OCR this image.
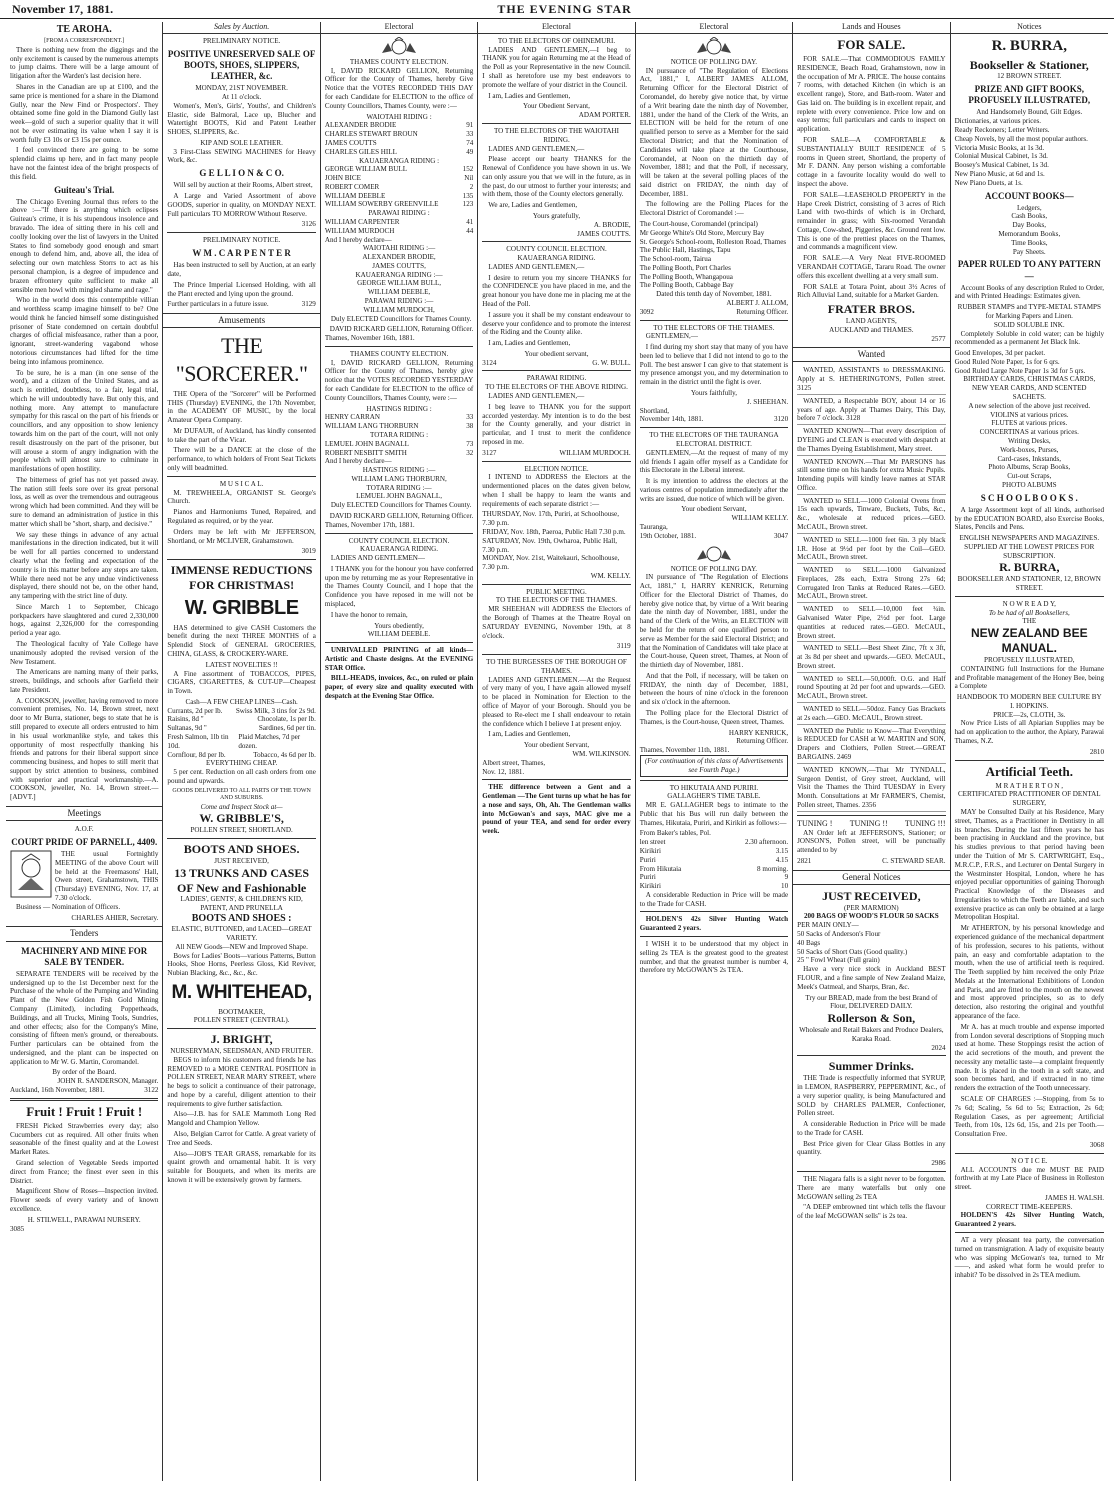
November 17, 1881.	THE EVENING STAR
TE AROHA.
[FROM A CORRESPONDENT.]

There is nothing new from the diggings and the only excitement is caused by the numerous attempts to jump claims. There will be a large amount of litigation after the Warden's last decision here.

Shares in the Canadian are up at £100, and the same price is mentioned for a share in the Diamond Gully, near the New Find or Prospectors'. They obtained some fine gold in the Diamond Gully last week—gold of such a superior quality that it will not be ever estimating its value when I say it is worth fully £3 10s or £3 15s per ounce.

I feel convinced there are going to be some splendid claims up here, and in fact many people have not the faintest idea of the bright prospects of this field.

Guiteau's Trial.

The Chicago Evening Journal thus refers to the above :—"If there is anything which eclipses Guiteau's crime, it is his stupendous insolence and bravado. The idea of sitting there in his cell and coolly looking over the list of lawyers in the United States to find somebody good enough and smart enough to defend him, and, above all, the idea of selecting our own matchless Storrs to act as his personal champion, is a degree of impudence and brazen effrontery quite sufficient to make all sensible men howl with mingled shame and rage."

Who in the world does this contemptible villian and worthless scamp imagine himself to be? One would think he fancied himself some distinguished prisoner of State condemned on certain doubtful charges of official misfeasance, rather than a poor, ignorant, street-wandering vagabond whose notorious circumstances had lifted for the time being into infamous prominence.

To be sure, he is a man (in one sense of the word), and a citizen of the United States, and as such is entitled, doubtless, to a fair, legal trial, which he will undoubtedly have. But only this, and nothing more. Any attempt to manufacture sympathy for this rascal on the part of his friends or councillors, and any opposition to show leniency towards him on the part of the court, will not only result disastrously on the part of the prisoner, but will arouse a storm of angry indignation with the people which will almost sure to culminate in manifestations of open hostility.

The bitterness of grief has not yet passed away. The nation still feels sore over its great personal loss, as well as over the tremendous and outrageous wrong which had been committed. And they will be sure to demand an administration of justice in this matter which shall be "short, sharp, and decisive."

We say these things in advance of any actual manifestations in the direction indicated, but it will be well for all parties concerned to understand clearly what the feeling and expectation of the country is in this matter before any steps are taken. While there need not be any undue vindictiveness displayed, there should not be, on the other hand, any tampering with the strict line of duty.

Since March 1 to September, Chicago porkpackers have slaughtered and cured 2,330,000 hogs, against 2,326,000 for the corresponding period a year ago.

The Theological faculty of Yale College have unanimously adopted the revised version of the New Testament.

The Americans are naming many of their parks, streets, buildings, and schools after Garfield their late President.

A. COOKSON, jeweller, having removed to more convenient premises, No. 14, Brown street, next door to Mr Burra, stationer, begs to state that he is still prepared to execute all orders entrusted to him in his usual workmanlike style, and takes this opportunity of most respectfully thanking his friends and patrons for their liberal support since commencing business, and hopes to still merit that support by strict attention to business, combined with superior and practical workmanship.—A. COOKSON, jeweller, No. 14, Brown street.—[ADVT.]

Meetings
A.O.F.
COURT PRIDE OF PARNELL, 4409.

THE usual Fortnightly MEETING of the above Court will be held at the Freemasons' Hall, Owen street, Grahamstown, THIS (Thursday) EVENING, Nov. 17, at 7.30 o'clock.

Business — Nomination of Officers.

CHARLES AHIER, Secretary.
Tenders
MACHINERY AND MINE FOR SALE BY TENDER.

SEPARATE TENDERS will be received by the undersigned up to the 1st December next for the Purchase of the whole of the Pumping and Winding Plant of the New Golden Fish Gold Mining Company (Limited), including Poppetheads, Buildings, and all Trucks, Mining Tools, Sundries, and other effects; also for the Company's Mine, consisting of fifteen men's ground, or thereabouts. Further particulars can be obtained from the undersigned, and the plant can be inspected on application to Mr W. G. Martin, Coromandel.

By order of the Board.
JOHN R. SANDERSON, Manager.
Auckland, 16th November, 1881.	3122
Fruit ! Fruit ! Fruit !

FRESH Picked Strawberries every day; also Cucumbers cut as required. All other fruits when seasonable of the finest quality and at the Lowest Market Rates.

Grand selection of Vegetable Seeds imported direct from France; the finest ever seen in this District.

Magnificent Show of Roses—Inspection invited. Flower seeds of every variety and of known excellence.

H. STILWELL, PARAWAI NURSERY.
3085
Sales by Auction.
PRELIMINARY NOTICE.
POSITIVE UNRESERVED SALE OF BOOTS, SHOES, SLIPPERS, LEATHER, &c.
MONDAY, 21ST NOVEMBER.
At 11 o'clock.

Women's, Men's, Girls', Youths', and Children's Elastic, side Balmoral, Lace up, Blucher and Watertight BOOTS, Kid and Patent Leather SHOES, SLIPPERS, &c.

KIP AND SOLE LEATHER.

3 First-Class SEWING MACHINES for Heavy Work, &c.

G E L L I O N & C O.

Will sell by auction at their Rooms, Albert street,

A Large and Varied Assortment of above GOODS, superior in quality, on MONDAY NEXT. Full particulars TO MORROW Without Reserve.

3126
PRELIMINARY NOTICE.
W M . C A R P E N T E R

Has been instructed to sell by Auction, at an early date,

The Prince Imperial Licensed Holding, with all the Plant erected and lying upon the ground.

Further particulars in a future issue.	3129
Amusements
THE "SORCERER."

THE Opera of the "Sorcerer" will be Performed THIS (Thursday) EVENING, the 17th November, in the ACADEMY OF MUSIC, by the local Amateur Opera Company.

Mr DUFAUR, of Auckland, has kindly consented to take the part of the Vicar.

There will be a DANCE at the close of the performance, to which holders of Front Seat Tickets only will beadmitted.

M U S I C A L.

M. TREWHEELA, ORGANIST St. George's Church.

Pianos and Harmoniums Tuned, Repaired, and Regulated as required, or by the year.

Orders may be left with Mr JEFFERSON, Shortland, or Mr MCLIVER, Grahamstown.

3019
IMMENSE REDUCTIONS FOR CHRISTMAS!
W. GRIBBLE

HAS determined to give CASH Customers the benefit during the next THREE MONTHS of a Splendid Stock of GENERAL GROCERIES, CHINA, GLASS, & CROCKERY-WARE.

LATEST NOVELTIES !!

A Fine assortment of TOBACCOS, PIPES, CIGARS, CIGARETTES, & CUT-UP—Cheapest in Town.

Cash—A FEW CHEAP LINES—Cash.
Currants, 2d per lb. Swiss Milk, 3 tins for 2s 9d.
Raisins, 8d "	Chocolate, 1s per lb.
Sultanas, 9d "	Sardines, 6d per tin.
Fresh Salmon, 1lb tin 10d.
Plaid Matches, 7d per dozen.
Cornflour, 8d per lb.	Tobacco, 4s 6d per lb.
EVERYTHING CHEAP.

5 per cent. Reduction on all cash orders from one pound and upwards.

GOODS DELIVERED TO ALL PARTS OF THE TOWN AND SUBURBS.
Come and Inspect Stock at—
W. GRIBBLE'S,
POLLEN STREET, SHORTLAND.
BOOTS AND SHOES.
JUST RECEIVED,
13 TRUNKS AND CASES OF New and Fashionable
LADIES', GENTS', & CHILDREN'S KID, PATENT, AND PRUNELLA
BOOTS AND SHOES :
ELASTIC, BUTTONED, and LACED—GREAT VARIETY.
All NEW Goods—NEW and Improved Shape.

Bows for Ladies' Boots—various Patterns, Button Hooks, Shoe Horns, Peerless Gloss, Kid Reviver, Nubian Blacking, &c., &c., &c.

M. WHITEHEAD,
BOOTMAKER,
POLLEN STREET (CENTRAL).
J. BRIGHT,
NURSERYMAN, SEEDSMAN, AND FRUITER.

BEGS to inform his customers and friends he has REMOVED to a MORE CENTRAL POSITION in POLLEN STREET, NEAR MARY STREET, where he begs to solicit a continuance of their patronage, and hope by a careful, diligent attention to their requirements to give further satisfaction.

Also—J.B. has for SALE Mammoth Long Red Mangold and Champion Yellow.

Also, Belgian Carrot for Cattle. A great variety of Tree and Seeds.

Also—JOB'S TEAR GRASS, remarkable for its quaint growth and ornamental habit. It is very suitable for Bouquets, and when its merits are known it will be extensively grown by farmers.

Electoral
THAMES COUNTY ELECTION.

I, DAVID RICKARD GELLION, Returning Officer for the County of Thames, hereby Give Notice that the VOTES RECORDED THIS DAY for each Candidate for ELECTION to the office of County Councillors, Thames County, were :—

WAIOTAHI RIDING :
ALEXANDER BRODIE	91
CHARLES STEWART BROUN	33
JAMES COUTTS	74
CHARLES GILES HILL	49
KAUAERANGA RIDING :
GEORGE WILLIAM BULL	152
JOHN BICE	Nil
ROBERT COMER	2
WILLIAM DEEBLE	135
WILLIAM SOWERBY GREENVILLE	123
PARAWAI RIDING :
WILLIAM CARPENTER	41
WILLIAM MURDOCH	44
And I hereby declare—
WAIOTAHI RIDING :—
ALEXANDER BRODIE,
JAMES COUTTS,
KAUAERANGA RIDING :—
GEORGE WILLIAM BULL,
WILLIAM DEEBLE,
PARAWAI RIDING :—
WILLIAM MURDOCH,

Duly ELECTED Councillors for Thames County.

DAVID RICKARD GELLION, Returning Officer.
Thames, November 16th, 1881.
THAMES COUNTY ELECTION.

I, DAVID RICKARD GELLION, Returning Officer for the County of Thames, hereby give notice that the VOTES RECORDED YESTERDAY for each Candidate for ELECTION to the office of County Councillors, Thames County, were :—

HASTINGS RIDING :
HENRY CARRAN	33
WILLIAM LANG THORBURN	38
TOTARA RIDING :
LEMUEL JOHN BAGNALL	73
ROBERT NESBITT SMITH	32
And I hereby declare—
HASTINGS RIDING :—
WILLIAM LANG THORBURN,
TOTARA RIDING :—
LEMUEL JOHN BAGNALL,

Duly ELECTED Councillors for Thames County.

DAVID RICKARD GELLION, Returning Officer.
Thames, November 17th, 1881.
COUNTY COUNCIL ELECTION.
KAUAERANGA RIDING.

LADIES AND GENTLEMEN—

I THANK you for the honour you have conferred upon me by returning me as your Representative in the Thames County Council, and I hope that the Confidence you have reposed in me will not be misplaced,

I have the honor to remain,

Yours obediently,
WILLIAM DEEBLE.

UNRIVALLED PRINTING of all kinds—Artistic and Chaste designs. At the EVENING STAR Office.

BILL-HEADS, invoices, &c., on ruled or plain paper, of every size and quality executed with despatch at the Evening Star Office.

Electoral
TO THE ELECTORS OF OHINEMURI.

LADIES AND GENTLEMEN,—I beg to THANK you for again Returning me at the Head of the Poll as your Representative in the new Council. I shall as heretofore use my best endeavors to promote the welfare of your district in the Council.

I am, Ladies and Gentlemen,

Your Obedient Servant,
ADAM PORTER.
TO THE ELECTORS OF THE WAIOTAHI RIDING.

LADIES AND GENTLEMEN,—

Please accept our hearty THANKS for the Renewal of Confidence you have shown in us. We can only assure you that we will in the future, as in the past, do our utmost to further your interests; and with them, those of the County electors generally.

We are, Ladies and Gentlemen,

Yours gratefully,
A. BRODIE,
JAMES COUTTS.
COUNTY COUNCIL ELECTION.
KAUAERANGA RIDING.

LADIES AND GENTLEMEN,—

I desire to return you my sincere THANKS for the CONFIDENCE you have placed in me, and the great honour you have done me in placing me at the Head of the Poll.

I assure you it shall be my constant endeavour to deserve your confidence and to promote the interest of the Riding and the County alike.

I am, Ladies and Gentlemen,

Your obedient servant,
3124	G. W. BULL.
PARAWAI RIDING.
TO THE ELECTORS OF THE ABOVE RIDING.

LADIES AND GENTLEMEN,—

I beg leave to THANK you for the support accorded yesterday. My intention is to do the best for the County generally, and your district in particular, and I trust to merit the confidence reposed in me.

3127	WILLIAM MURDOCH.
ELECTION NOTICE.

I INTEND to ADDRESS the Electors at the undermentioned places on the dates given below, when I shall be happy to learn the wants and requirements of each separate district :—

THURSDAY, Nov. 17th, Puriri, at Schoolhouse, 7.30 p.m.
FRIDAY, Nov. 18th, Paeroa, Public Hall 7.30 p.m.
SATURDAY, Nov. 19th, Owharoa, Public Hall, 7.30 p.m.
MONDAY, Nov. 21st, Waitekauri, Schoolhouse, 7.30 p.m.
WM. KELLY.
PUBLIC MEETING.
TO THE ELECTORS OF THE THAMES.

MR SHEEHAN will ADDRESS the Electors of the Borough of Thames at the Theatre Royal on SATURDAY EVENING, November 19th, at 8 o'clock.

3119
TO THE BURGESSES OF THE BOROUGH OF THAMES.

LADIES AND GENTLEMEN.—At the Request of very many of you, I have again allowed myself to be placed in Nomination for Election to the office of Mayor of your Borough. Should you be pleased to Re-elect me I shall endeavour to retain the confidence which I believe I at present enjoy.

I am, Ladies and Gentlemen,

Your obedient Servant,
WM. WILKINSON.
Albert street, Thames,
Nov. 12, 1881.

THE difference between a Gent and a Gentleman —The Gent turns up what he has for a nose and says, Oh, Ah. The Gentleman walks into McGowan's and says, MAC give me a pound of your TEA, and send for order every week.

Electoral
NOTICE OF POLLING DAY.

IN pursuance of "The Regulation of Elections Act, 1881," I, ALBERT JAMES ALLOM, Returning Officer for the Electoral District of Coromandel, do hereby give notice that, by virtue of a Writ bearing date the ninth day of November, 1881, under the hand of the Clerk of the Writs, an ELECTION will be held for the return of one qualified person to serve as a Member for the said Electoral District; and that the Nomination of Candidates will take place at the Courthouse, Coromandel, at Noon on the thirtieth day of November, 1881; and that the Poll, if necessary, will be taken at the several polling places of the said district on FRIDAY, the ninth day of December, 1881.

The following are the Polling Places for the Electoral District of Coromandel :—

The Court-house, Coromandel (principal)
Mr George White's Old Store, Mercury Bay
St. George's School-room, Rolleston Road, Thames
The Public Hall, Hastings, Tapu
The School-room, Tairua
The Polling Booth, Port Charles
The Polling Booth, Whangapoua
The Polling Booth, Cabbage Bay
Dated this tenth day of November, 1881.
ALBERT J. ALLOM,
3092	Returning Officer.
TO THE ELECTORS OF THE THAMES.

GENTLEMEN,—

I find during my short stay that many of you have been led to believe that I did not intend to go to the Poll. The best answer I can give to that statement is my presence amongst you, and my determination to remain in the district until the fight is over.

Yours faithfully,
J. SHEEHAN.
Shortland,
November 14th, 1881.	3120
TO THE ELECTORS OF THE TAURANGA ELECTORAL DISTRICT.

GENTLEMEN,—At the request of many of my old friends I again offer myself as a Candidate for this Electorate in the Liberal interest.

It is my intention to address the electors at the various centres of population immediately after the writs are issued, due notice of which will be given.

Your obedient Servant,
WILLIAM KELLY.
Tauranga,
19th October, 1881.	3047
NOTICE OF POLLING DAY.

IN pursuance of "The Regulation of Elections Act, 1881," I, HARRY KENRICK, Returning Officer for the Electoral District of Thames, do hereby give notice that, by virtue of a Writ bearing date the ninth day of November, 1881, under the hand of the Clerk of the Writs, an ELECTION will be held for the return of one qualified person to serve as Member for the said Electoral District; and that the Nomination of Candidates will take place at the Court-house, Queen street, Thames, at Noon of the thirtieth day of November, 1881.

And that the Poll, if necessary, will be taken on FRIDAY, the ninth day of December, 1881, between the hours of nine o'clock in the forenoon and six o'clock in the afternoon.

The Polling place for the Electoral District of Thames, is the Court-house, Queen street, Thames.

HARRY KENRICK,
Returning Officer.
Thames, November 11th, 1881.
(For continuation of this class of Advertisements see Fourth Page.)
TO HIKUTAIA AND PURIRI.
GALLAGHER'S TIME TABLE.

MR E. GALLAGHER begs to intimate to the Public that his Bus will run daily between the Thames, Hikutaia, Puriri, and Kirikiri as follows:—

From Baker's tables, Pol.
len street	2.30 afternoon.
Kirikiri	3.15
Puriri	4.15
From Hikutaia	8 morning.
Puriri	9
Kirikiri	10

A considerable Reduction in Price will be made to the Trade for CASH.

HOLDEN'S 42s Silver Hunting Watch Guaranteed 2 years.

I WISH it to be understood that my object in selling 2s TEA is the greatest good to the greatest number, and that the greatest number is number 4, therefore try McGOWAN'S 2s TEA.

Lands and Houses
FOR SALE.

FOR SALE.—That COMMODIOUS FAMILY RESIDENCE, Beach Road, Grahamstown, now in the occupation of Mr A. PRICE. The house contains 7 rooms, with detached Kitchen (in which is an excellent range), Store, and Bath-room. Water and Gas laid on. The building is in excellent repair, and replete with every convenience. Price low and on easy terms; full particulars and cards to inspect on application.

FOR SALE—A COMFORTABLE & SUBSTANTIALLY BUILT RESIDENCE of 5 rooms in Queen street, Shortland, the property of Mr F. DANN. Any person wishing a comfortable cottage in a favourite locality would do well to inspect the above.

FOR SALE—LEASEHOLD PROPERTY in the Hape Creek District, consisting of 3 acres of Rich Land with two-thirds of which is in Orchard, remainder in grass; with Six-roomed Verandah Cottage, Cow-shed, Piggeries, &c. Ground rent low. This is one of the prettiest places on the Thames, and commands a magnificent view.

FOR SALE.—A Very Neat FIVE-ROOMED VERANDAH COTTAGE, Tararu Road. The owner offers this excellent dwelling at a very small sum.

FOR SALE at Totara Point, about 3½ Acres of Rich Alluvial Land, suitable for a Market Garden.

FRATER BROS.
LAND AGENTS,
AUCKLAND and THAMES.
2577
Wanted

WANTED, ASSISTANTS to DRESSMAKING. Apply at S. HETHERINGTON'S, Pollen street. 3125

WANTED, a Respectable BOY, about 14 or 16 years of age. Apply at Thames Dairy, This Day, before 7 o'clock. 3128

WANTED KNOWN—That every description of DYEING and CLEAN is executed with despatch at the Thames Dyeing Establishment, Mary street.

WANTED KNOWN.—That Mr PARSONS has still some time on his hands for extra Music Pupils. Intending pupils will kindly leave names at STAR Office.

WANTED to SELL—1000 Colonial Ovens from 15s each upwards, Tinware, Buckets, Tubs, &c., &c., wholesale at reduced prices.—GEO. McCAUL, Brown street.

WANTED to SELL—1000 feet 6in. 3 ply black I.R. Hose at 9½d per foot by the Coil—GEO. McCAUL, Brown street.

WANTED to SELL—1000 Galvanized Fireplaces, 28s each, Extra Strong 27s 6d; Corrugated Iron Tanks at Reduced Rates.—GEO. McCAUL, Brown street.

WANTED to SELL—10,000 feet ¾in. Galvanised Water Pipe, 2½d per foot. Large quantities at reduced rates.—GEO. McCAUL, Brown street.

WANTED to SELL—Best Sheet Zinc, 7ft x 3ft, at 3s 8d per sheet and upwards.—GEO. McCAUL, Brown street.

WANTED to SELL—50,000ft. O.G. and Half round Spouting at 2d per foot and upwards.—GEO. McCAUL, Brown street.

WANTED to SELL—50doz. Fancy Gas Brackets at 2s each.—GEO. McCAUL, Brown street.

WANTED the Public to Know—That Everything is REDUCED for CASH at W. MARTIN and SON, Drapers and Clothiers, Pollen Street.—GREAT BARGAINS. 2469

WANTED KNOWN,—That Mr TYNDALL, Surgeon Dentist, of Grey street, Auckland, will Visit the Thames the Third TUESDAY in Every Month. Consultations at Mr FARMER'S, Chemist, Pollen street, Thames. 2356

TUNING ! TUNING !! TUNING !!!

AN Order left at JEFFERSON'S, Stationer; or JONSON'S, Pollen street, will be punctually attended to by

2821	C. STEWARD SEAR.
General Notices
JUST RECEIVED,
(PER MARMION)
200 BAGS OF WOOD'S FLOUR 50 SACKS
PER MAIN ONLY—
50 Sacks of Anderson's Flour
40 Bags
50 Sacks of Short Oats (Good quality.)
25 " Fowl Wheat (Full grain)

Have a very nice stock in Auckland BEST FLOUR, and a fine sample of New Zealand Maize, Meek's Oatmeal, and Sharps, Bran, &c.

Try our BREAD, made from the best Brand of Flour, DELIVERED DAILY.
Rollerson & Son,
Wholesale and Retail Bakers and Produce Dealers, Karaka Road.
2024
Summer Drinks.

THE Trade is respectfully informed that SYRUP, in LEMON, RASPBERRY, PEPPERMINT, &c., of a very superior quality, is being Manufactured and SOLD by CHARLES PALMER, Confectioner, Pollen street.

A considerable Reduction in Price will be made to the Trade for CASH.

Best Price given for Clear Glass Bottles in any quantity.

2986

THE Niagara falls is a sight never to be forgotten. There are many waterfalls but only one McGOWAN selling 2s TEA

"A DEEP embrowned tint which tells the flavour of the leaf McGOWAN sells" is 2s tea.

Notices
R. BURRA,
Bookseller & Stationer,
12 BROWN STREET.
PRIZE AND GIFT BOOKS, PROFUSELY ILLUSTRATED,
And Handsomely Bound, Gilt Edges.
Dictionaries, at various prices.
Ready Reckoners; Letter Writers.
Cheap Novels, by all the most popular authors.
Victoria Music Books, at 1s 3d.
Colonial Musical Cabinet, 1s 3d.
Boosey's Musical Cabinet, 1s 3d.
New Piano Music, at 6d and 1s.
New Piano Duets, at 1s.
ACCOUNT BOOKS—
Ledgers,
Cash Books,
Day Books,
Memorandum Books,
Time Books,
Pay Sheets.
PAPER RULED TO ANY PATTERN—

Account Books of any description Ruled to Order, and with Printed Headings: Estimates given.

RUBBER STAMPS and TYPE-METAL STAMPS for Marking Papers and Linen.
SOLID SOLUBLE INK.

Completely Soluble in cold water; can be highly recommended as a permanent Jet Black Ink.

Good Envelopes, 3d per packet.
Good Ruled Note Paper, 1s for 6 qrs.
Good Ruled Large Note Paper 1s 3d for 5 qrs.
BIRTHDAY CARDS, CHRISTMAS CARDS, NEW YEAR CARDS, AND SCENTED SACHETS.
A new selection of the above just received.
VIOLINS at various prices.
FLUTES at various prices.
CONCERTINAS at various prices.
Writing Desks,
Work-boxes, Purses,
Card-cases, Inkstands,
Photo Albums, Scrap Books,
Cut-out Scraps,
PHOTO ALBUMS
S C H O O L B O O K S .

A large Assortment kept of all kinds, authorised by the EDUCATION BOARD, also Exercise Books, Slates, Pencils and Pens.

ENGLISH NEWSPAPERS AND MAGAZINES.
SUPPLIED AT THE LOWEST PRICES FOR SUBSCRIPTION.
R. BURRA,
BOOKSELLER AND STATIONER, 12, BROWN STREET.
N O W R E A D Y,
To be had of all Booksellers,
THE
NEW ZEALAND BEE MANUAL.
PROFUSELY ILLUSTRATED,

CONTAINING full Instructions for the Humane and Profitable management of the Honey Bee, being a Complete

HANDBOOK TO MODERN BEE CULTURE BY I. HOPKINS.
PRICE—2s, CLOTH, 3s.

Now Price Lists of all Apiarian Supplies may be had on application to the author, the Apiary, Parawai Thames, N.Z.

2810
Artificial Teeth.
M R A T H E R T O N ,
CERTIFICATED PRACTITIONER OF DENTAL SURGERY,

MAY be Consulted Daily at his Residence, Mary street, Thames, as a Practitioner in Dentistry in all its branches. During the last fifteen years he has been practising in Auckland and the province, but his studies previous to that period having been under the Tuition of Mr S. CARTWRIGHT, Esq., M.R.C.P., F.R.S., and Lecturer on Dental Surgery in the Westminster Hospital, London, where he has enjoyed peculiar opportunities of gaining Thorough Practical Knowledge of the Diseases and Irregularities to which the Teeth are liable, and such extensive practice as can only be obtained at a large Metropolitan Hospital.

Mr ATHERTON, by his personal knowledge and experienced guidance of the mechanical department of his profession, secures to his patients, without pain, an easy and comfortable adaptation to the mouth, when the use of artificial teeth is required. The Teeth supplied by him received the only Prize Medals at the International Exhibitions of London and Paris, and are fitted to the mouth on the newest and most approved principles, so as to defy detection, also restoring the original and youthful appearance of the face.

Mr A. has at much trouble and expense imported from London several descriptions of Stopping much used at home. These Stoppings resist the action of the acid secretions of the mouth, and prevent the necessity any metallic taste—a complaint frequently made. It is placed in the tooth in a soft state, and soon becomes hard, and if extracted in no time renders the extraction of the Tooth unnecessary.

SCALE OF CHARGES :—Stopping, from 5s to 7s 6d; Scaling, 5s 6d to 5s; Extraction, 2s 6d; Regulation Cases, as per agreement; Artificial Teeth, from 10s, 12s 6d, 15s, and 21s per Tooth.—Consultation Free.

3068
N O T I C E.

ALL ACCOUNTS due me MUST BE PAID forthwith at my Late Place of Business in Rolleston street.

JAMES H. WALSH.
CORRECT TIME-KEEPERS.

HOLDEN'S 42s Silver Hunting Watch, Guaranteed 2 years.

AT a very pleasant tea party, the conversation turned on transmigration. A lady of exquisite beauty who was sipping McGowan's tea, turned to Mr ——, and asked what form he would prefer to inhabit? To be dissolved in 2s TEA medium.
